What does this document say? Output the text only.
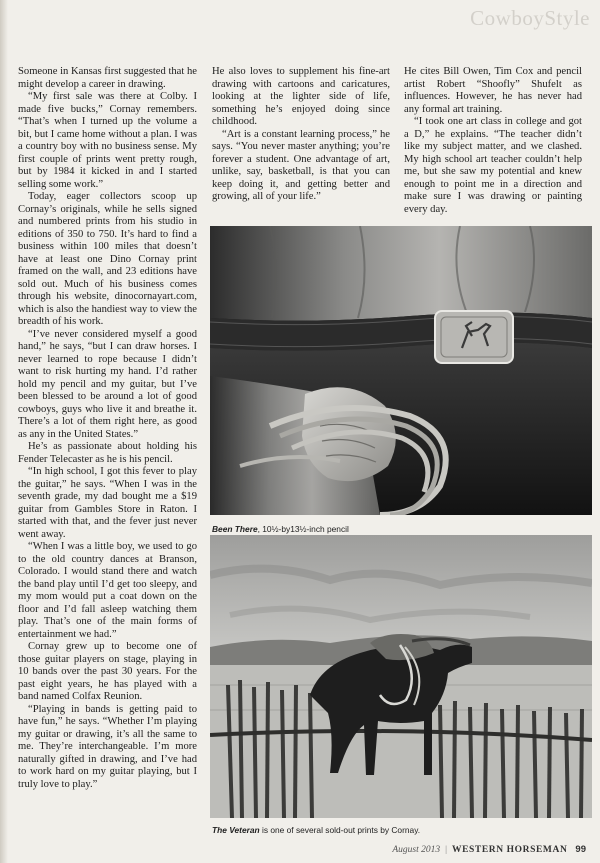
CowboyStyle

Someone in Kansas first suggested that he might develop a career in drawing.

“My first sale was there at Colby. I made five bucks,” Cornay remembers. “That’s when I turned up the volume a bit, but I came home without a plan. I was a country boy with no business sense. My first couple of prints went pretty rough, but by 1984 it kicked in and I started selling some work.”

Today, eager collectors scoop up Cornay’s originals, while he sells signed and numbered prints from his studio in editions of 350 to 750. It’s hard to find a business within 100 miles that doesn’t have at least one Dino Cornay print framed on the wall, and 23 editions have sold out. Much of his business comes through his website, dinocornayart.com, which is also the handiest way to view the breadth of his work.

“I’ve never considered myself a good hand,” he says, “but I can draw horses. I never learned to rope because I didn’t want to risk hurting my hand. I’d rather hold my pencil and my guitar, but I’ve been blessed to be around a lot of good cowboys, guys who live it and breathe it. There’s a lot of them right here, as good as any in the United States.”

He’s as passionate about holding his Fender Telecaster as he is his pencil.

“In high school, I got this fever to play the guitar,” he says. “When I was in the seventh grade, my dad bought me a $19 guitar from Gambles Store in Raton. I started with that, and the fever just never went away.

“When I was a little boy, we used to go to the old country dances at Branson, Colorado. I would stand there and watch the band play until I’d get too sleepy, and my mom would put a coat down on the floor and I’d fall asleep watching them play. That’s one of the main forms of entertainment we had.”

Cornay grew up to become one of those guitar players on stage, playing in 10 bands over the past 30 years. For the past eight years, he has played with a band named Colfax Reunion.

“Playing in bands is getting paid to have fun,” he says. “Whether I’m playing my guitar or drawing, it’s all the same to me. They’re interchangeable. I’m more naturally gifted in drawing, and I’ve had to work hard on my guitar playing, but I truly love to play.”

He also loves to supplement his fine-art drawing with cartoons and caricatures, looking at the lighter side of life, something he’s enjoyed doing since childhood.

“Art is a constant learning process,” he says. “You never master anything; you’re forever a student. One advantage of art, unlike, say, basketball, is that you can keep doing it, and getting better and growing, all of your life.”

He cites Bill Owen, Tim Cox and pencil artist Robert “Shoofly” Shufelt as influences. However, he has never had any formal art training.

“I took one art class in college and got a D,” he explains. “The teacher didn’t like my subject matter, and we clashed. My high school art teacher couldn’t help me, but she saw my potential and knew enough to point me in a direction and make sure I was drawing or painting every day.

Been There, 10½-by13½-inch pencil
The Veteran is one of several sold-out prints by Cornay.
August 2013 | WESTERN HORSEMAN 99
